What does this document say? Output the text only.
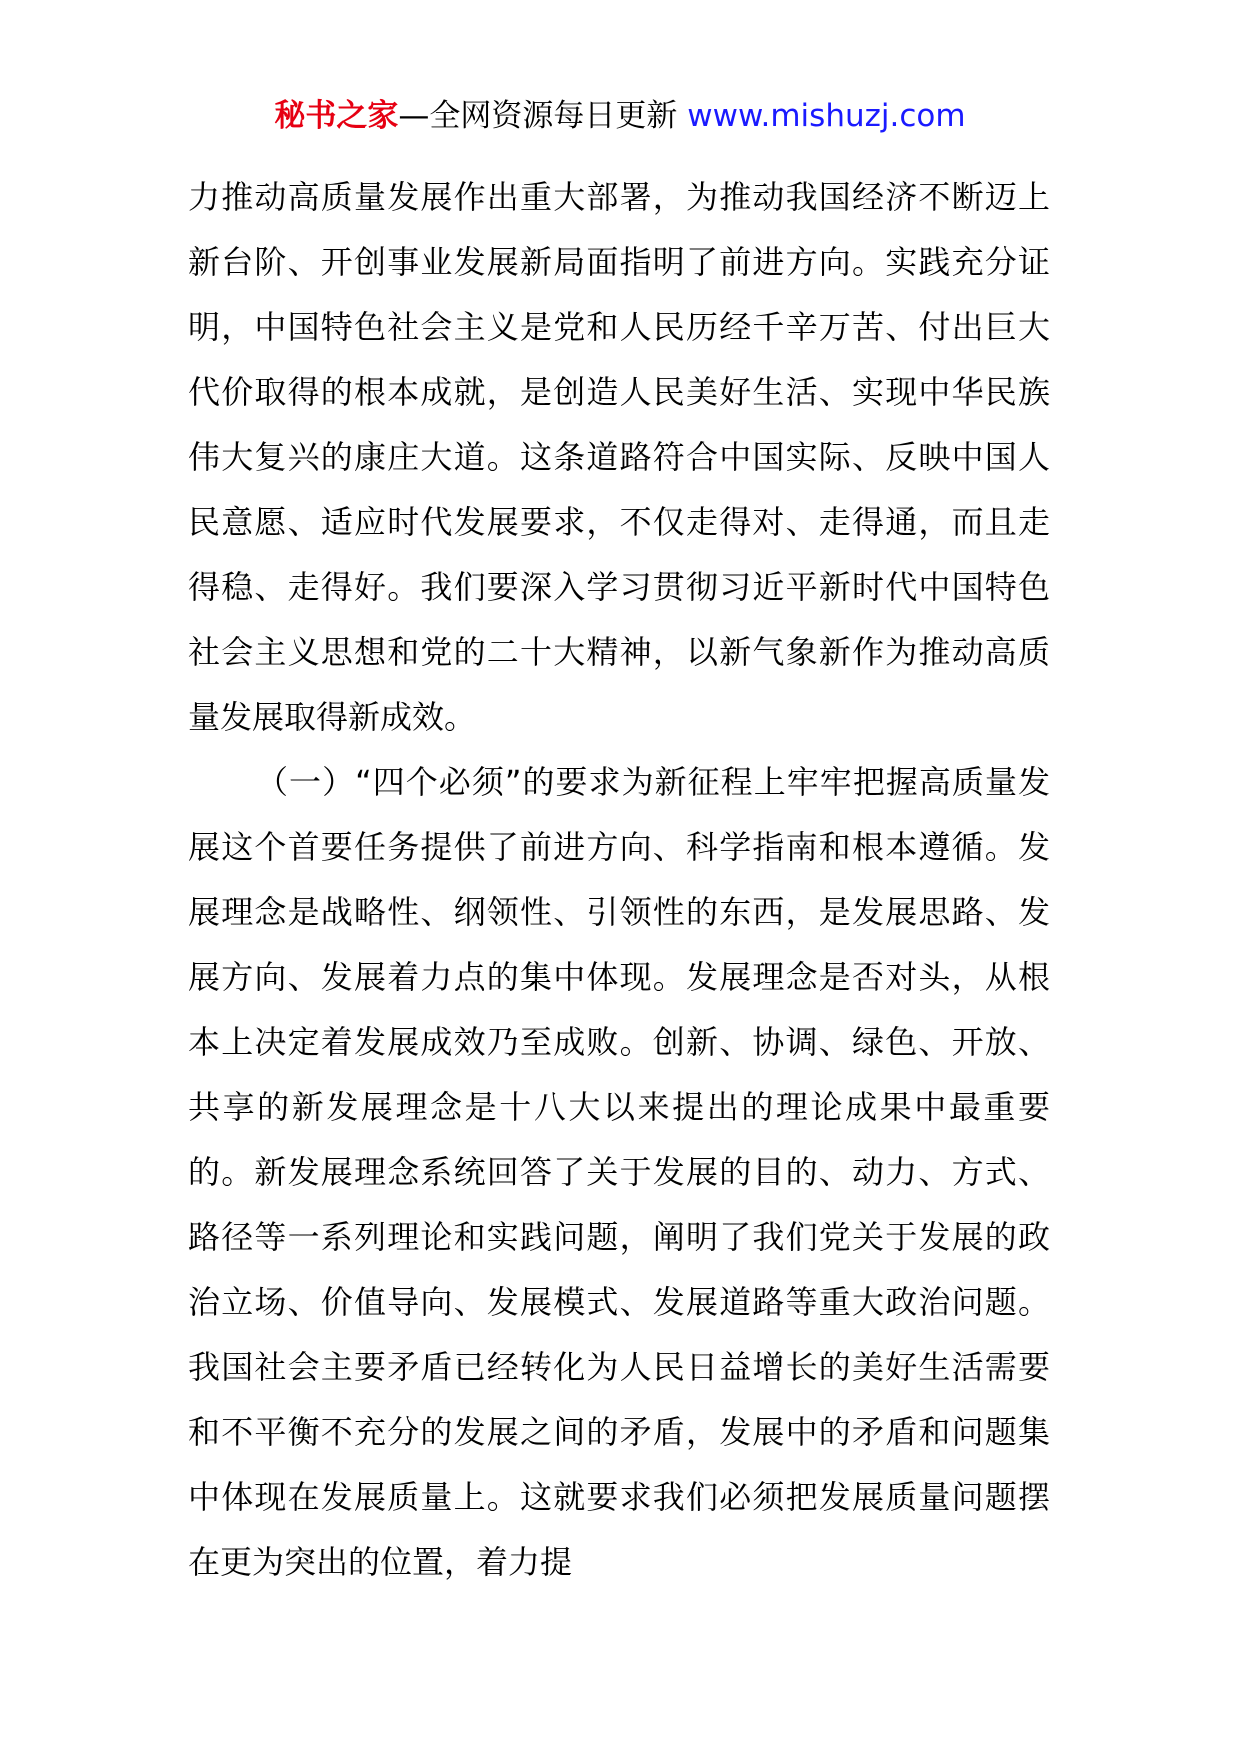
秘书之家—全网资源每日更新 www.mishuzj.com

力推动高质量发展作出重大部署，为推动我国经济不断迈上新台阶、开创事业发展新局面指明了前进方向。实践充分证明，中国特色社会主义是党和人民历经千辛万苦、付出巨大代价取得的根本成就，是创造人民美好生活、实现中华民族伟大复兴的康庄大道。这条道路符合中国实际、反映中国人民意愿、适应时代发展要求，不仅走得对、走得通，而且走得稳、走得好。我们要深入学习贯彻习近平新时代中国特色社会主义思想和党的二十大精神，以新气象新作为推动高质量发展取得新成效。

（一）“四个必须”的要求为新征程上牢牢把握高质量发展这个首要任务提供了前进方向、科学指南和根本遵循。发展理念是战略性、纲领性、引领性的东西，是发展思路、发展方向、发展着力点的集中体现。发展理念是否对头，从根本上决定着发展成效乃至成败。创新、协调、绿色、开放、共享的新发展理念是十八大以来提出的理论成果中最重要的。新发展理念系统回答了关于发展的目的、动力、方式、路径等一系列理论和实践问题，阐明了我们党关于发展的政治立场、价值导向、发展模式、发展道路等重大政治问题。我国社会主要矛盾已经转化为人民日益增长的美好生活需要和不平衡不充分的发展之间的矛盾，发展中的矛盾和问题集中体现在发展质量上。这就要求我们必须把发展质量问题摆在更为突出的位置，着力提
